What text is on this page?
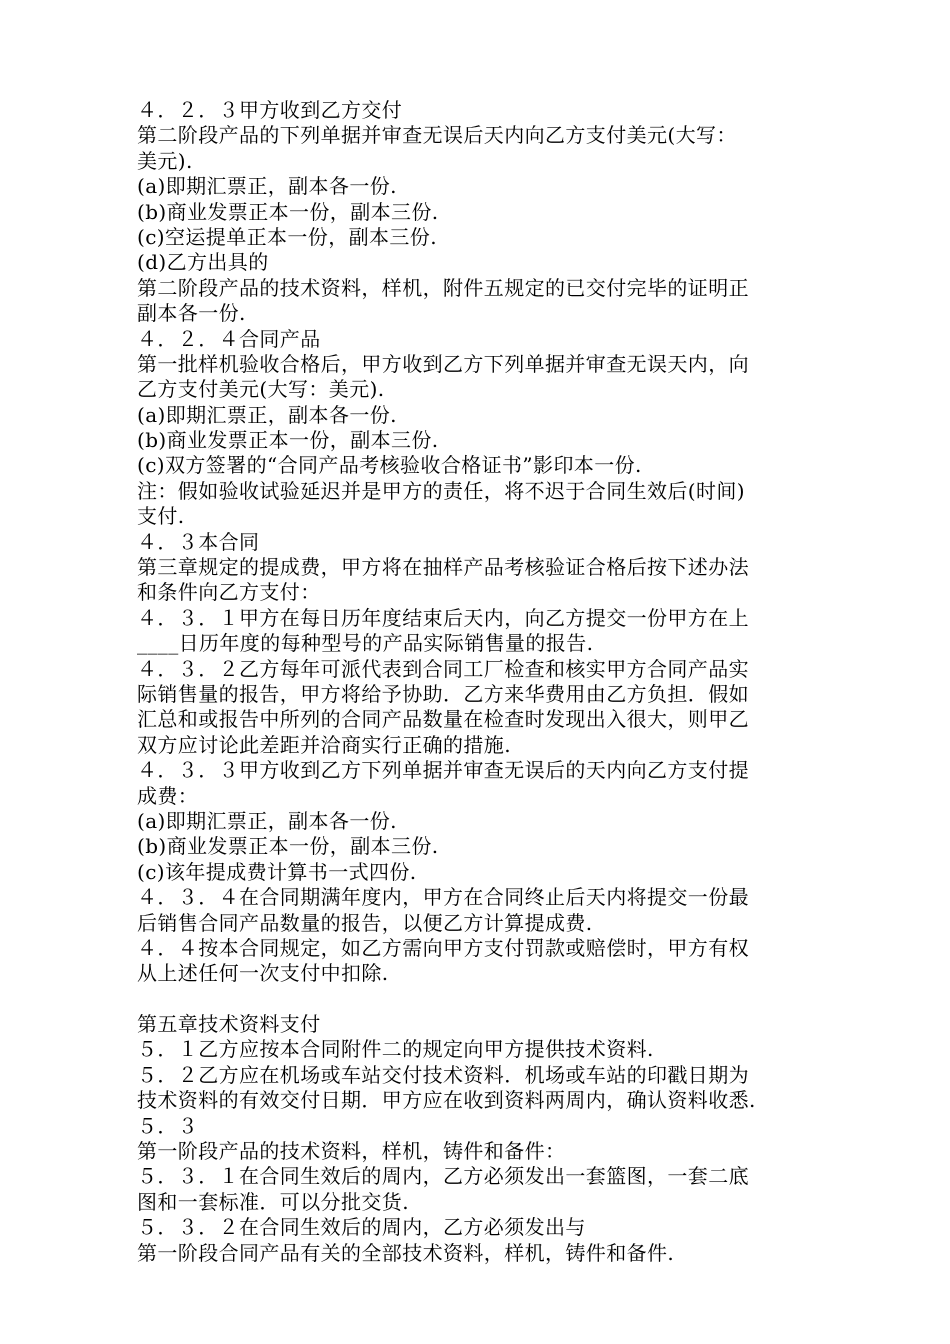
４．２．３甲方收到乙方交付
第二阶段产品的下列单据并审查无误后天内向乙方支付美元(大写：
美元).
(a)即期汇票正，副本各一份.
(b)商业发票正本一份，副本三份.
(c)空运提单正本一份，副本三份.
(d)乙方出具的
第二阶段产品的技术资料，样机，附件五规定的已交付完毕的证明正
副本各一份.
４．２．４合同产品
第一批样机验收合格后，甲方收到乙方下列单据并审查无误天内，向
乙方支付美元(大写：美元).
(a)即期汇票正，副本各一份.
(b)商业发票正本一份，副本三份.
(c)双方签署的“合同产品考核验收合格证书”影印本一份.
注：假如验收试验延迟并是甲方的责任，将不迟于合同生效后(时间)
支付.
４．３本合同
第三章规定的提成费，甲方将在抽样产品考核验证合格后按下述办法
和条件向乙方支付：
４．３．１甲方在每日历年度结束后天内，向乙方提交一份甲方在上
____日历年度的每种型号的产品实际销售量的报告.
４．３．２乙方每年可派代表到合同工厂检查和核实甲方合同产品实
际销售量的报告，甲方将给予协助．乙方来华费用由乙方负担．假如
汇总和或报告中所列的合同产品数量在检查时发现出入很大，则甲乙
双方应讨论此差距并洽商实行正确的措施.
４．３．３甲方收到乙方下列单据并审查无误后的天内向乙方支付提
成费：
(a)即期汇票正，副本各一份.
(b)商业发票正本一份，副本三份.
(c)该年提成费计算书一式四份.
４．３．４在合同期满年度内，甲方在合同终止后天内将提交一份最
后销售合同产品数量的报告，以便乙方计算提成费.
４．４按本合同规定，如乙方需向甲方支付罚款或赔偿时，甲方有权
从上述任何一次支付中扣除.
第五章技术资料支付
５．１乙方应按本合同附件二的规定向甲方提供技术资料.
５．２乙方应在机场或车站交付技术资料．机场或车站的印戳日期为
技术资料的有效交付日期．甲方应在收到资料两周内，确认资料收悉.
５．３
第一阶段产品的技术资料，样机，铸件和备件：
５．３．１在合同生效后的周内，乙方必须发出一套篮图，一套二底
图和一套标准．可以分批交货.
５．３．２在合同生效后的周内，乙方必须发出与
第一阶段合同产品有关的全部技术资料，样机，铸件和备件.
